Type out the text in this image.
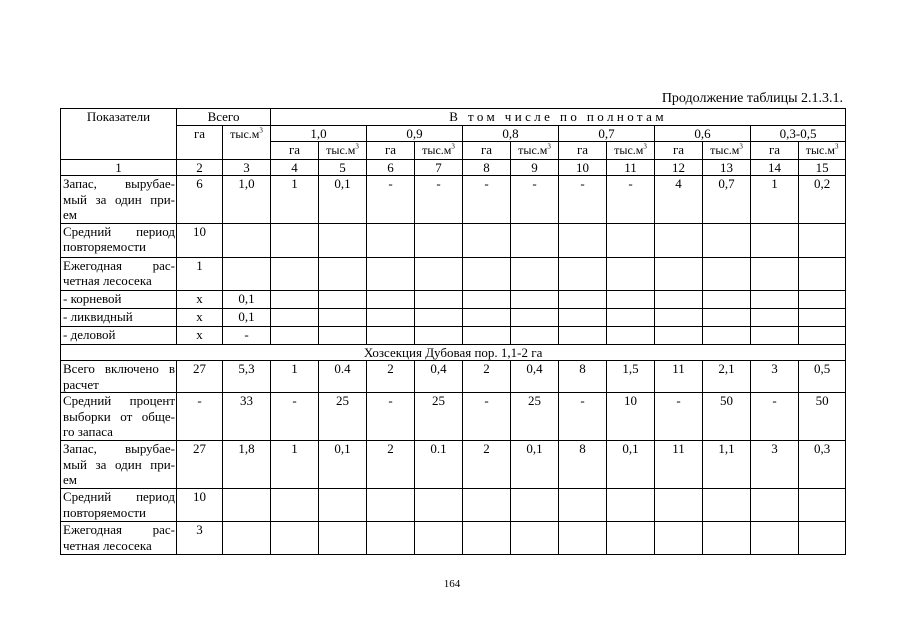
Продолжение таблицы 2.1.3.1.
Показатели	Всего		В том числе по полнотам											
	га	$тыс.м^3$	1,0		0,9		0,8		0,7		0,6		0,3-0,5	
			га	$тыс.м^3$	га	$тыс.м^3$	га	$тыс.м^3$	га	$тыс.м^3$	га	$тыс.м^3$	га	$тыс.м^3$
1	2	3	4	5	6	7	8	9	10	11	12	13	14	15

Запас, вырубае-
мый за один при-
ем	6	1,0	1	0,1	-	-	-	-	-	-	4	0,7	1	0,2

Средний период
повторяемости	10													

Ежегодная рас-
четная лесосека	1													

- корневой	х	0,1												

- ликвидный	х	0,1												

- деловой	х	-												
Хозсекция Дубовая пор. 1,1-2 га														

Всего включено в
расчет	27	5,3	1	0.4	2	0,4	2	0,4	8	1,5	11	2,1	3	0,5

Средний процент
выборки от обще-
го запаса	-	33	-	25	-	25	-	25	-	10	-	50	-	50

Запас, вырубае-
мый за один при-
ем	27	1,8	1	0,1	2	0.1	2	0,1	8	0,1	11	1,1	3	0,3

Средний период
повторяемости	10													

Ежегодная рас-
четная лесосека	3													
164
